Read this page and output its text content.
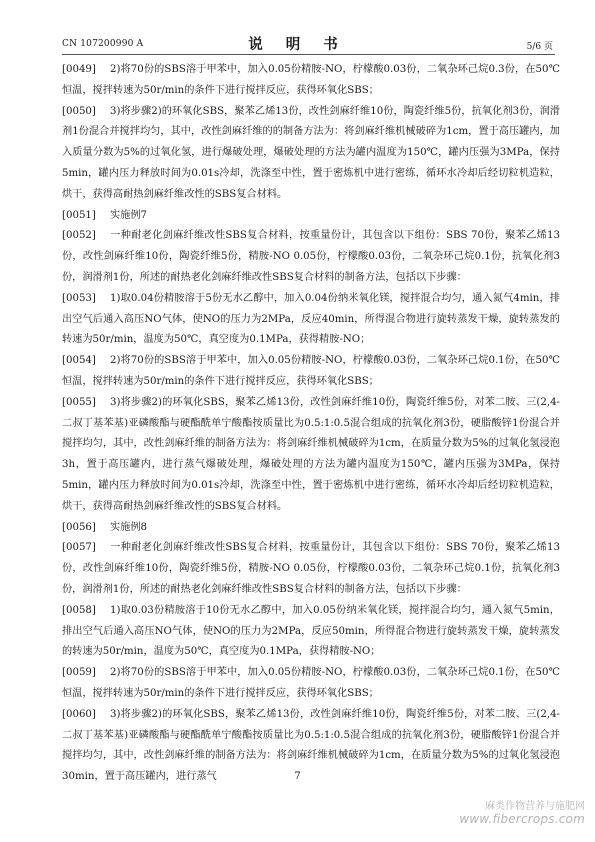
CN 107200990 A	说 明 书	5/6 页

[0049] 2)将70份的SBS溶于甲苯中，加入0.05份精胺-NO，柠檬酸0.03份，二氧杂环己烷0.3份，在50℃恒温，搅拌转速为50r/min的条件下进行搅拌反应，获得环氧化SBS；

[0050] 3)将步骤2)的环氧化SBS，聚苯乙烯13份，改性剑麻纤维10份，陶瓷纤维5份，抗氧化剂3份，润滑剂1份混合并搅拌均匀，其中，改性剑麻纤维的的制备方法为：将剑麻纤维机械破碎为1cm，置于高压罐内，加入质量分数为5%的过氧化氢，进行爆破处理，爆破处理的方法为罐内温度为150℃，罐内压强为3MPa，保持5min，罐内压力释放时间为0.01s冷却，洗涤至中性，置于密炼机中进行密练，循环水冷却后经切粒机造粒，烘干，获得高耐热剑麻纤维改性的SBS复合材料。

[0051] 实施例7

[0052] 一种耐老化剑麻纤维改性SBS复合材料，按重量份计，其包含以下组份：SBS 70份，聚苯乙烯13份，改性剑麻纤维10份，陶瓷纤维5份，精胺-NO 0.05份，柠檬酸0.03份，二氧杂环己烷0.1份，抗氧化剂3份，润滑剂1份，所述的耐热老化剑麻纤维改性SBS复合材料的制备方法，包括以下步骤：

[0053] 1)取0.04份精胺溶于5份无水乙醇中，加入0.04份纳米氧化镁，搅拌混合均匀，通入氮气4min，排出空气后通入高压NO气体，使NO的压力为2MPa，反应40min，所得混合物进行旋转蒸发干燥，旋转蒸发的转速为50r/min，温度为50℃，真空度为0.1MPa，获得精胺-NO；

[0054] 2)将70份的SBS溶于甲苯中，加入0.05份精胺-NO，柠檬酸0.03份，二氧杂环己烷0.1份，在50℃恒温，搅拌转速为50r/min的条件下进行搅拌反应，获得环氧化SBS；

[0055] 3)将步骤2)的环氧化SBS，聚苯乙烯13份，改性剑麻纤维10份，陶瓷纤维5份，对苯二胺、三(2,4-二叔丁基苯基)亚磷酸酯与硬酯酰单宁酸酯按质量比为0.5:1:0.5混合组成的抗氧化剂3份，硬脂酸锌1份混合并搅拌均匀，其中，改性剑麻纤维的制备方法为：将剑麻纤维机械破碎为1cm，在质量分数为5%的过氧化氢浸泡3h，置于高压罐内，进行蒸气爆破处理，爆破处理的方法为罐内温度为150℃，罐内压强为3MPa，保持5min，罐内压力释放时间为0.01s冷却，洗涤至中性，置于密炼机中进行密练，循环水冷却后经切粒机造粒，烘干，获得高耐热剑麻纤维改性的SBS复合材料。

[0056] 实施例8

[0057] 一种耐老化剑麻纤维改性SBS复合材料，按重量份计，其包含以下组份：SBS 70份，聚苯乙烯13份，改性剑麻纤维10份，陶瓷纤维5份，精胺-NO 0.05份，柠檬酸0.03份，二氧杂环己烷0.1份，抗氧化剂3份，润滑剂1份，所述的耐热老化剑麻纤维改性SBS复合材料的制备方法，包括以下步骤：

[0058] 1)取0.03份精胺溶于10份无水乙醇中，加入0.05份纳米氧化镁，搅拌混合均匀，通入氮气5min，排出空气后通入高压NO气体，使NO的压力为2MPa，反应50min，所得混合物进行旋转蒸发干燥，旋转蒸发的转速为50r/min，温度为50℃，真空度为0.1MPa，获得精胺-NO；

[0059] 2)将70份的SBS溶于甲苯中，加入0.05份精胺-NO，柠檬酸0.03份，二氧杂环己烷0.1份，在50℃恒温，搅拌转速为50r/min的条件下进行搅拌反应，获得环氧化SBS；

[0060] 3)将步骤2)的环氧化SBS，聚苯乙烯13份，改性剑麻纤维10份，陶瓷纤维5份，对苯二胺、三(2,4-二叔丁基苯基)亚磷酸酯与硬酯酰单宁酸酯按质量比为0.5:1:0.5混合组成的抗氧化剂3份，硬脂酸锌1份混合并搅拌均匀，其中，改性剑麻纤维的制备方法为：将剑麻纤维机械破碎为1cm，在质量分数为5%的过氧化氢浸泡30min，置于高压罐内，进行蒸气	7
麻类作物营养与施肥网
www.fibercrops.com
